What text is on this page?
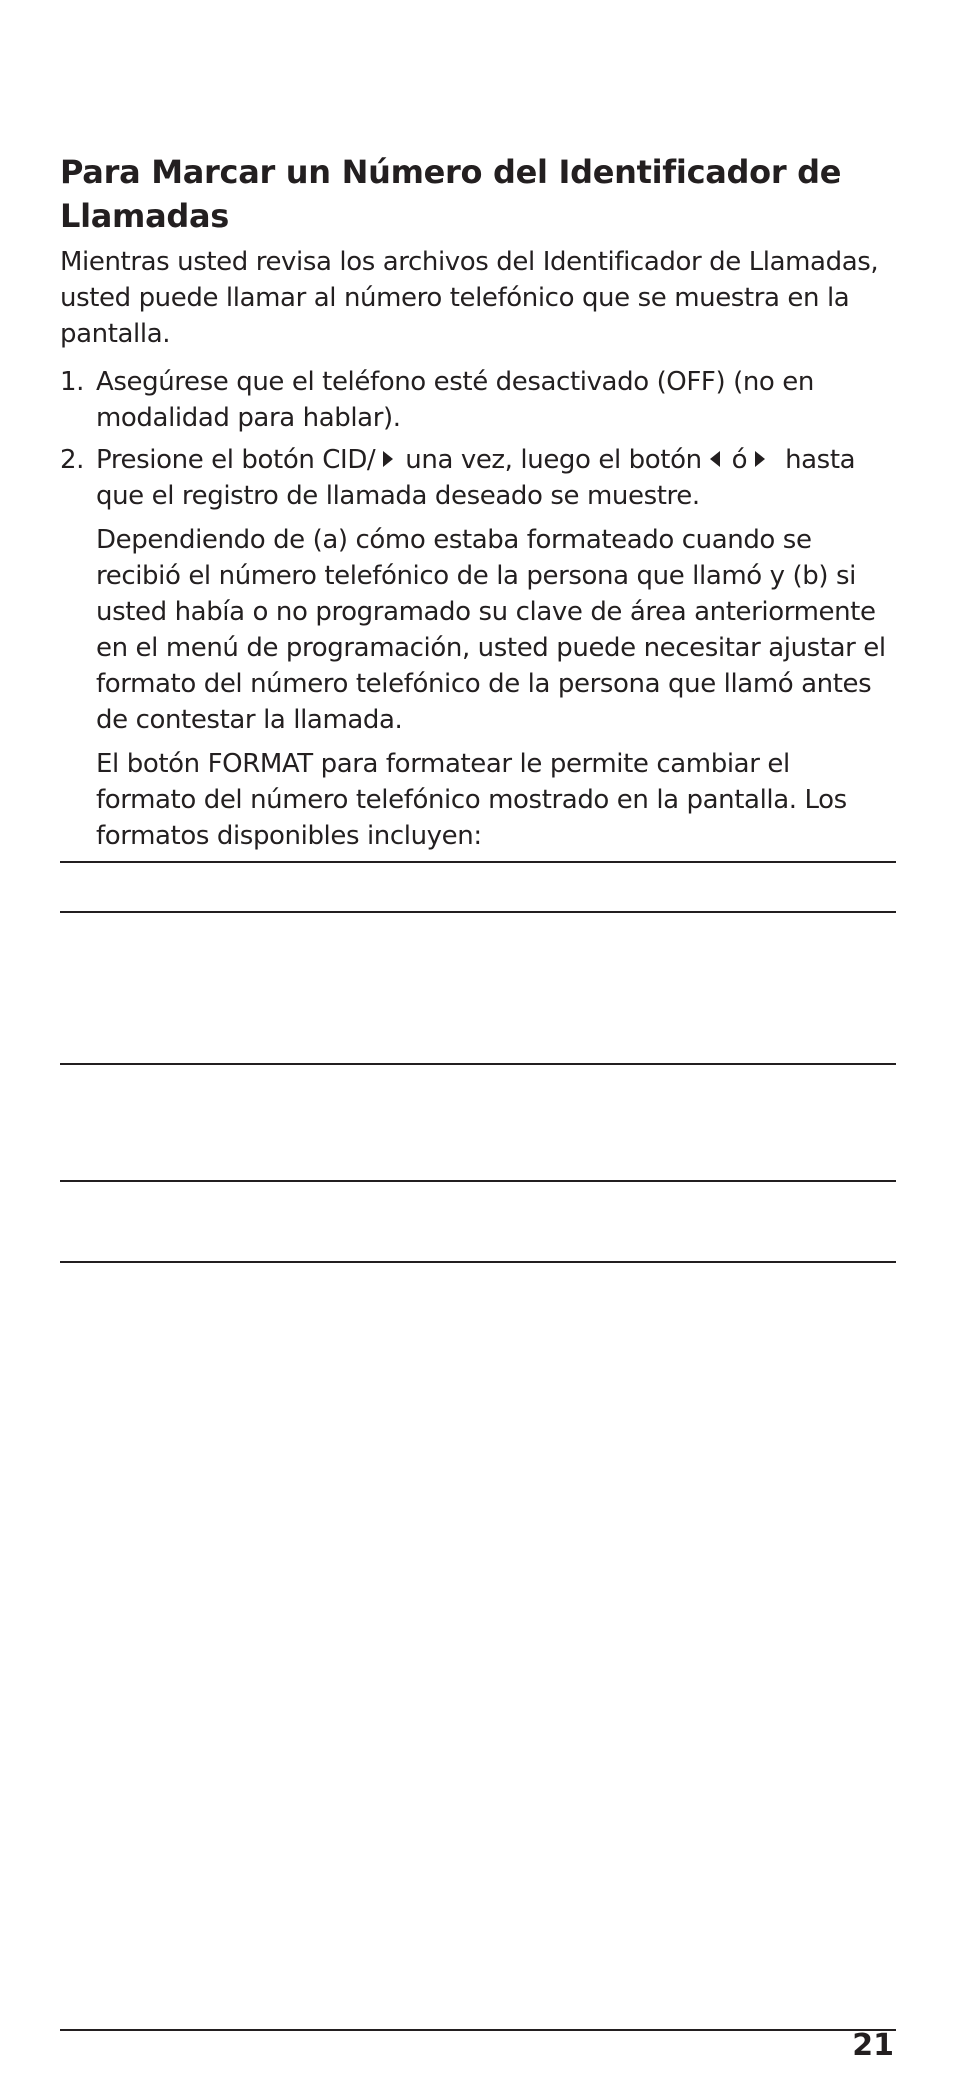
Para Marcar un Número del Identificador de Llamadas

Mientras usted revisa los archivos del Identificador de Llamadas, usted puede llamar al número telefónico que se muestra en la pantalla.

1. Asegúrese que el teléfono esté desactivado (OFF) (no en modalidad para hablar).
2. Presione el botón CID/ una vez, luego el botón ó hasta que el registro de llamada deseado se muestre.

Dependiendo de (a) cómo estaba formateado cuando se recibió el número telefónico de la persona que llamó y (b) si usted había o no programado su clave de área anteriormente en el menú de programación, usted puede necesitar ajustar el formato del número telefónico de la persona que llamó antes de contestar la llamada.

El botón FORMAT para formatear le permite cambiar el formato del número telefónico mostrado en la pantalla. Los formatos disponibles incluyen:

21
